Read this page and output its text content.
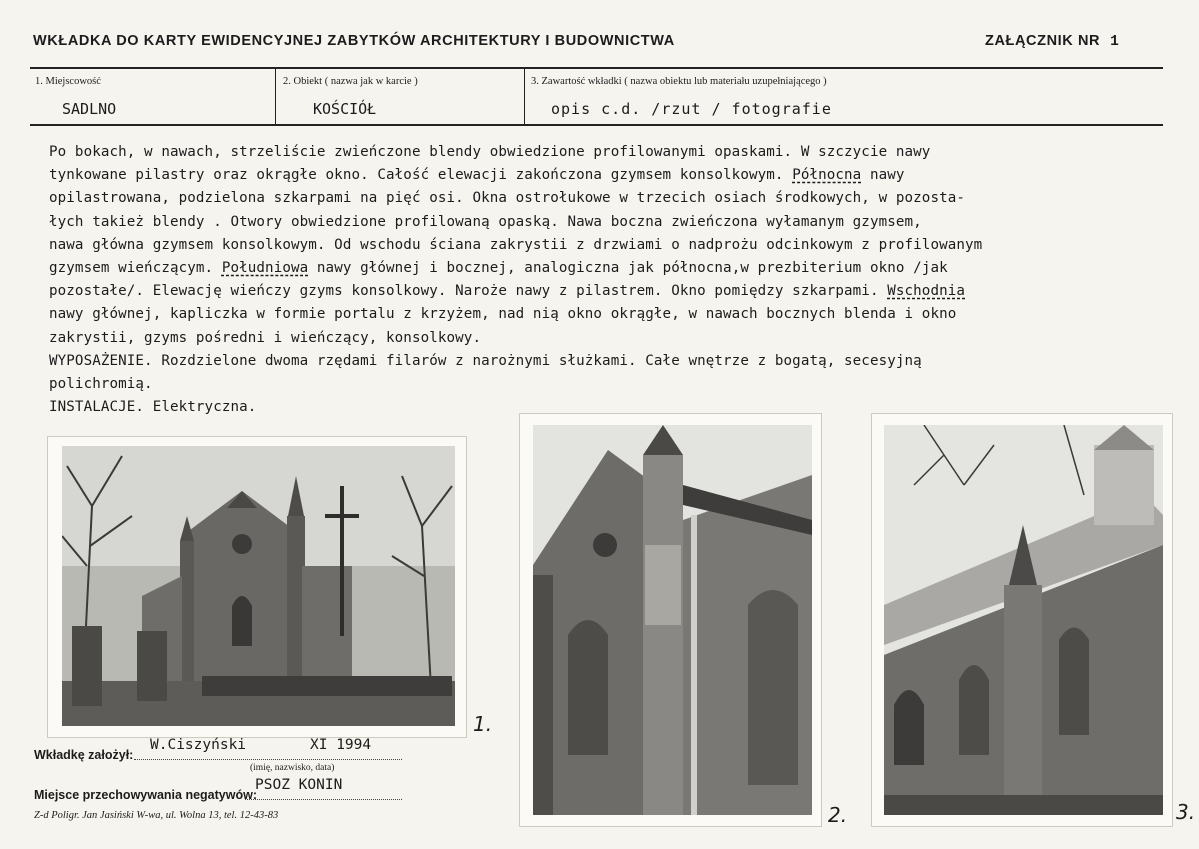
WKŁADKA DO KARTY EWIDENCYJNEJ ZABYTKÓW ARCHITEKTURY I BUDOWNICTWA	ZAŁĄCZNIK NR 1
1. Miejscowość
SADLNO
2. Obiekt ( nazwa jak w karcie )
KOŚCIÓŁ
3. Zawartość wkładki ( nazwa obiektu lub materiału uzupełniającego )
opis c.d. /rzut / fotografie
Po bokach, w nawach, strzeliście zwieńczone blendy obwiedzione profilowanymi opaskami. W szczycie nawy
tynkowane pilastry oraz okrągłe okno. Całość elewacji zakończona gzymsem konsolkowym. Północna nawy
opilastrowana, podzielona szkarpami na pięć osi. Okna ostrołukowe w trzecich osiach środkowych, w pozosta-
łych takież blendy . Otwory obwiedzione profilowaną opaską. Nawa boczna zwieńczona wyłamanym gzymsem,
nawa główna gzymsem konsolkowym. Od wschodu ściana zakrystii z drzwiami o nadprożu odcinkowym z profilowanym
gzymsem wieńczącym. Południowa nawy głównej i bocznej, analogiczna jak północna,w prezbiterium okno /jak
pozostałe/. Elewację wieńczy gzyms konsolkowy. Naroże nawy z pilastrem. Okno pomiędzy szkarpami. Wschodnia
nawy głównej, kapliczka w formie portalu z krzyżem, nad nią okno okrągłe, w nawach bocznych blenda i okno
zakrystii, gzyms pośredni i wieńczący, konsolkowy.
WYPOSAŻENIE. Rozdzielone dwoma rzędami filarów z narożnymi służkami. Całe wnętrze z bogatą, secesyjną
polichromią.
INSTALACJE. Elektryczna.
1.
2.	3.
W.Ciszyński	XI 1994
Wkładkę założył:
(imię, nazwisko, data)
PSOZ KONIN
Miejsce przechowywania negatywów:
Z-d Poligr. Jan Jasiński W-wa, ul. Wolna 13, tel. 12-43-83
